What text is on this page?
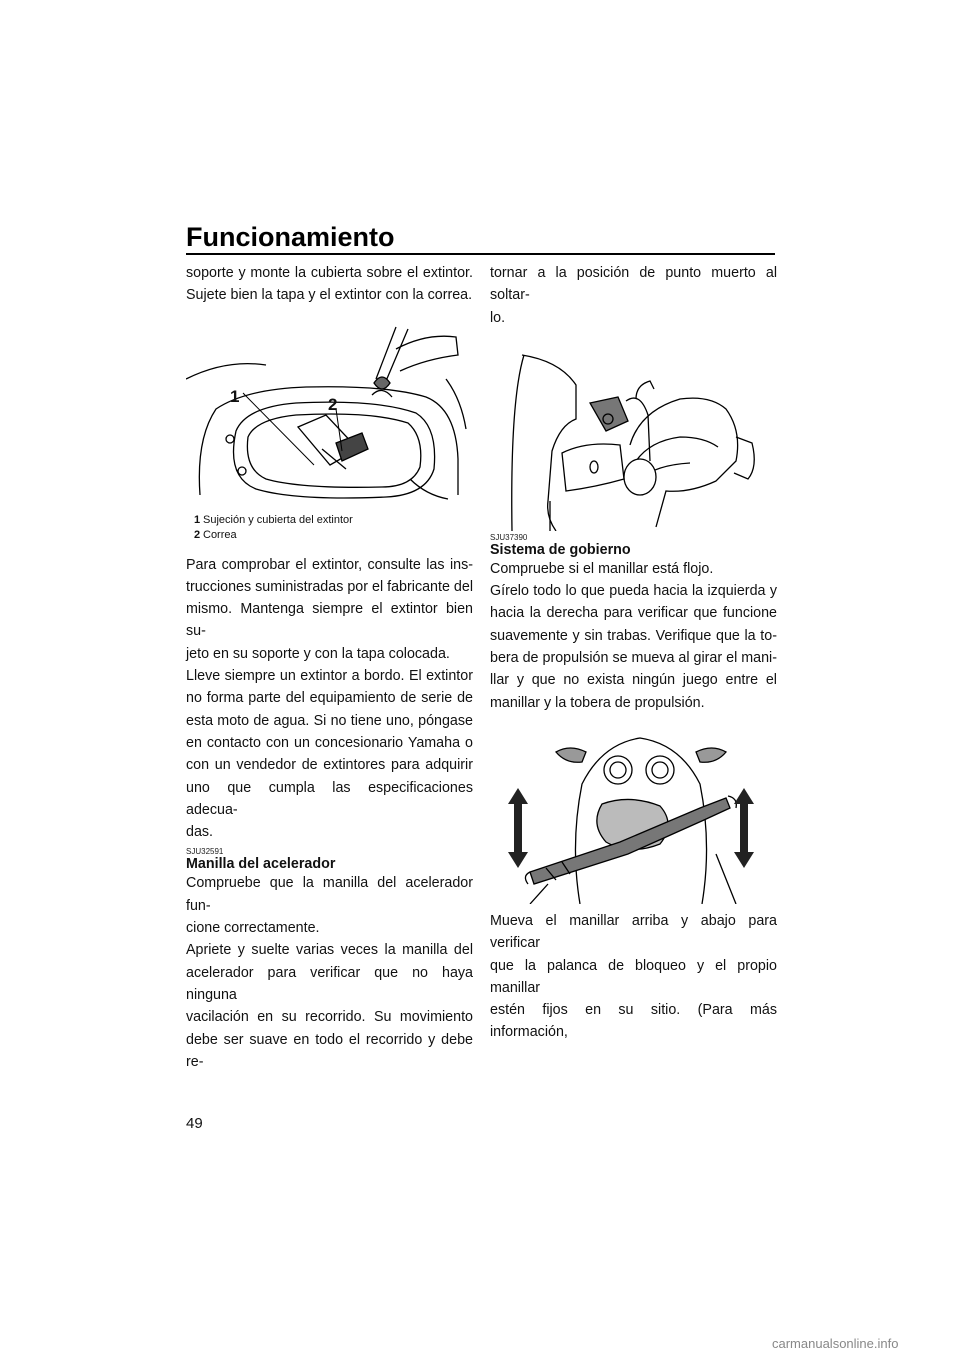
Funcionamiento

soporte y monte la cubierta sobre el extintor. Sujete bien la tapa y el extintor con la correa.

1	2
1 Sujeción y cubierta del extintor
2 Correa

Para comprobar el extintor, consulte las ins-

trucciones suministradas por el fabricante del

mismo. Mantenga siempre el extintor bien su-

jeto en su soporte y con la tapa colocada.

Lleve siempre un extintor a bordo. El extintor

no forma parte del equipamiento de serie de

esta moto de agua. Si no tiene uno, póngase

en contacto con un concesionario Yamaha o

con un vendedor de extintores para adquirir

uno que cumpla las especificaciones adecua-

das.

SJU32591
Manilla del acelerador

Compruebe que la manilla del acelerador fun-

cione correctamente.

Apriete y suelte varias veces la manilla del

acelerador para verificar que no haya ninguna

vacilación en su recorrido. Su movimiento

debe ser suave en todo el recorrido y debe re-

tornar a la posición de punto muerto al soltar-

lo.

SJU37390
Sistema de gobierno

Compruebe si el manillar está flojo.

Gírelo todo lo que pueda hacia la izquierda y

hacia la derecha para verificar que funcione

suavemente y sin trabas. Verifique que la to-

bera de propulsión se mueva al girar el mani-

llar y que no exista ningún juego entre el

manillar y la tobera de propulsión.

Mueva el manillar arriba y abajo para verificar

que la palanca de bloqueo y el propio manillar

estén fijos en su sitio. (Para más información,

49
carmanualsonline.info
